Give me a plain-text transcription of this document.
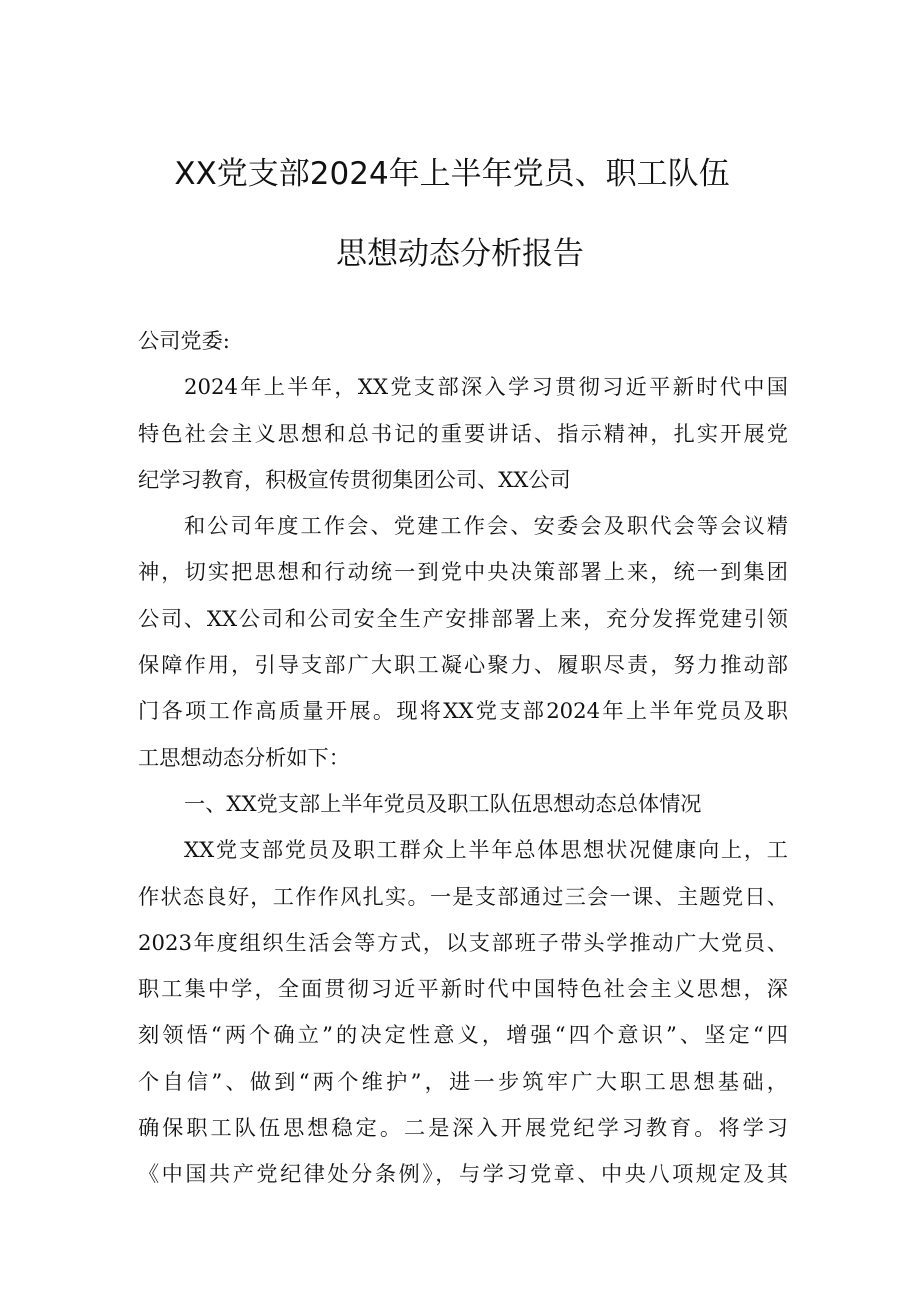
XX党支部2024年上半年党员、职工队伍
思想动态分析报告
公司党委:
2024年上半年，XX党支部深入学习贯彻习近平新时代中国
特色社会主义思想和总书记的重要讲话、指示精神，扎实开展党
纪学习教育，积极宣传贯彻集团公司、XX公司
和公司年度工作会、党建工作会、安委会及职代会等会议精
神，切实把思想和行动统一到党中央决策部署上来，统一到集团
公司、XX公司和公司安全生产安排部署上来，充分发挥党建引领
保障作用，引导支部广大职工凝心聚力、履职尽责，努力推动部
门各项工作高质量开展。现将XX党支部2024年上半年党员及职
工思想动态分析如下：
一、XX党支部上半年党员及职工队伍思想动态总体情况
XX党支部党员及职工群众上半年总体思想状况健康向上，工
作状态良好，工作作风扎实。一是支部通过三会一课、主题党日、
2023年度组织生活会等方式，以支部班子带头学推动广大党员、
职工集中学，全面贯彻习近平新时代中国特色社会主义思想，深
刻领悟“两个确立”的决定性意义，增强“四个意识”、坚定“四
个自信”、做到“两个维护”，进一步筑牢广大职工思想基础，
确保职工队伍思想稳定。二是深入开展党纪学习教育。将学习
《中国共产党纪律处分条例》，与学习党章、中央八项规定及其
